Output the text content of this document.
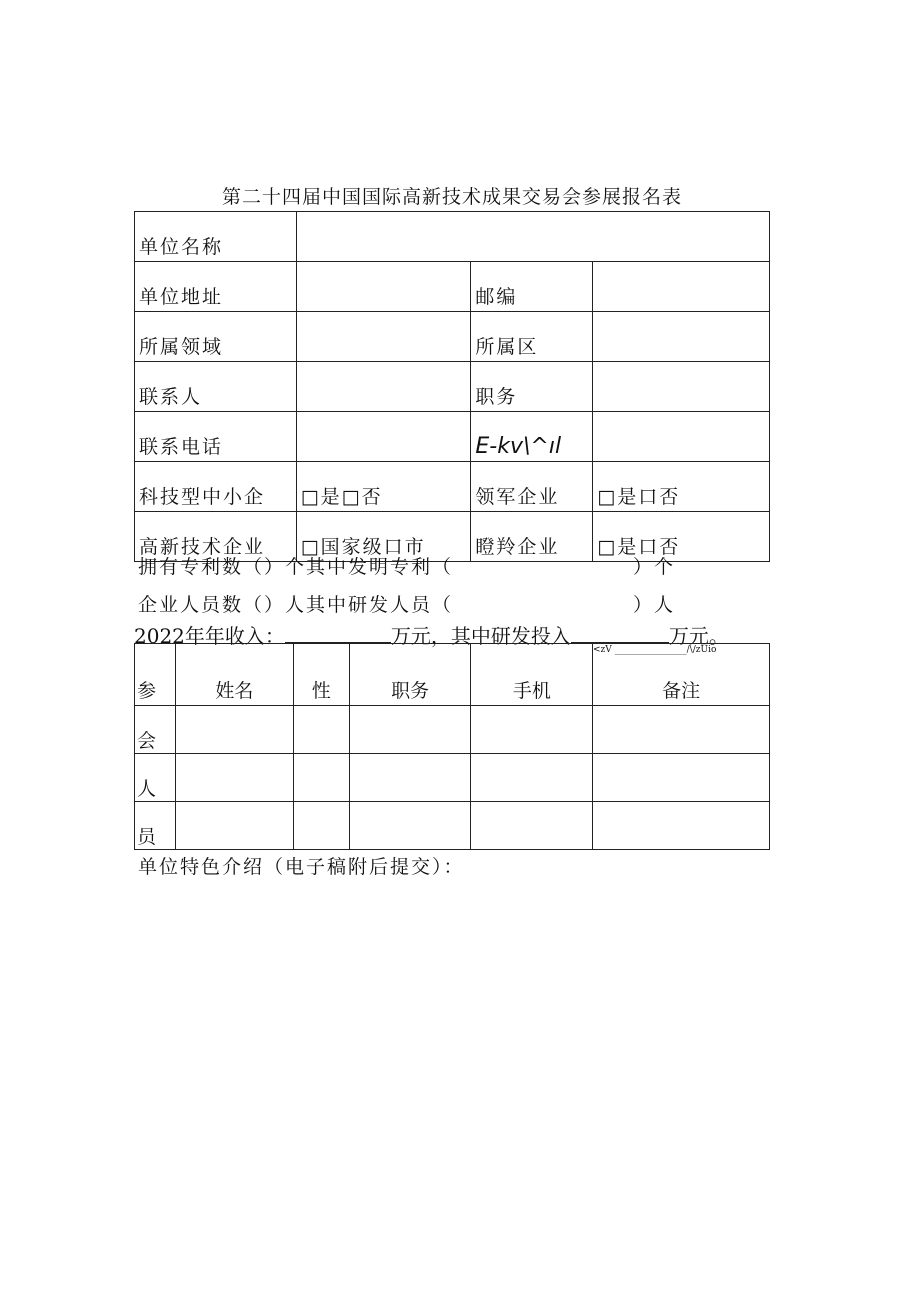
第二十四届中国国际高新技术成果交易会参展报名表
单位名称			
单位地址		邮编	
所属领域		所属区	
联系人		职务	
联系电话		E-kv\^ıl	
科技型中小企	□是□否	领军企业	□是口否
高新技术企业	□国家级口市	瞪羚企业	□是口否
拥有专利数（）个其中发明专利（	）个
企业人员数（）人其中研发人员（	）人
2022年年收入：	万元，其中研发投入	万元。
<zV ________________/\/zUio
参	姓名	性	职务	手机	备注
会					
人					
员					
单位特色介绍（电子稿附后提交）：
